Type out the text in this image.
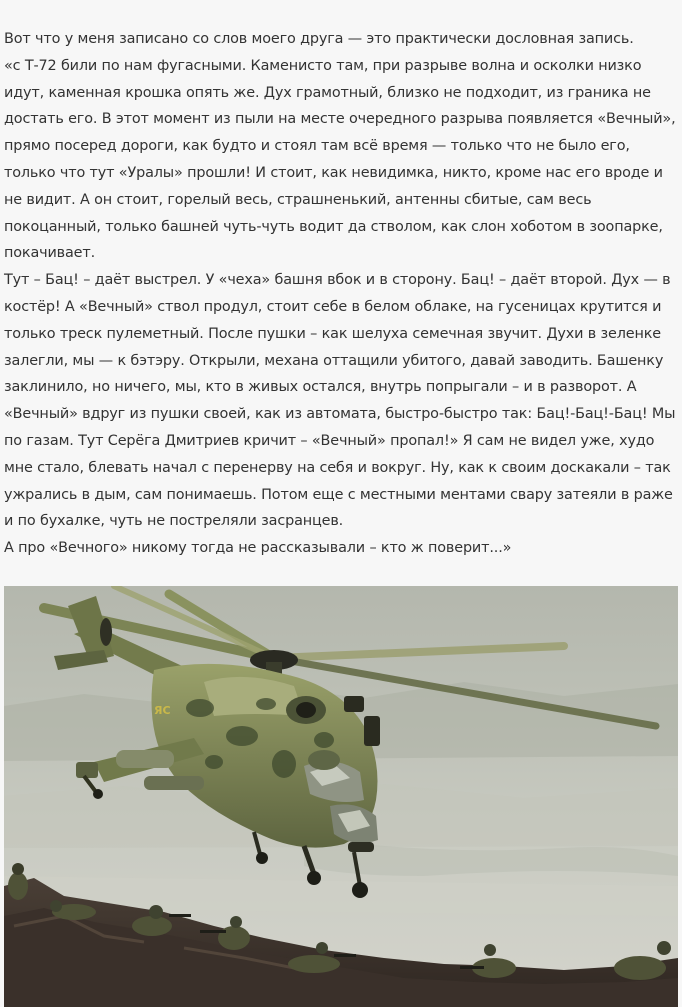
Вот что у меня записано со слов моего друга — это практически дословная запись.

«с Т-72 били по нам фугасными. Каменисто там, при разрыве волна и осколки низко идут, каменная крошка опять же. Дух грамотный, близко не подходит, из граника не достать его. В этот момент из пыли на месте очередного разрыва появляется «Вечный», прямо посеред дороги, как будто и стоял там всё время — только что не было его, только что тут «Уралы» прошли! И стоит, как невидимка, никто, кроме нас его вроде и не видит. А он стоит, горелый весь, страшненький, антенны сбитые, сам весь покоцанный, только башней чуть-чуть водит да стволом, как слон хоботом в зоопарке, покачивает.

Тут – Бац! – даёт выстрел. У «чеха» башня вбок и в сторону. Бац! – даёт второй. Дух — в костёр! А «Вечный» ствол продул, стоит себе в белом облаке, на гусеницах крутится и только треск пулеметный. После пушки – как шелуха семечная звучит. Духи в зеленке залегли, мы — к бэтэру. Открыли, механа оттащили убитого, давай заводить. Башенку заклинило, но ничего, мы, кто в живых остался, внутрь попрыгали – и в разворот. А «Вечный» вдруг из пушки своей, как из автомата, быстро-быстро так: Бац!-Бац!-Бац! Мы по газам. Тут Серёга Дмитриев кричит – «Вечный» пропал!» Я сам не видел уже, худо мне стало, блевать начал с перенерву на себя и вокруг. Ну, как к своим доскакали – так ужрались в дым, сам понимаешь. Потом еще с местными ментами свару затеяли в раже и по бухалке, чуть не постреляли засранцев.

А про «Вечного» никому тогда не рассказывали – кто ж поверит...»

ЯС
